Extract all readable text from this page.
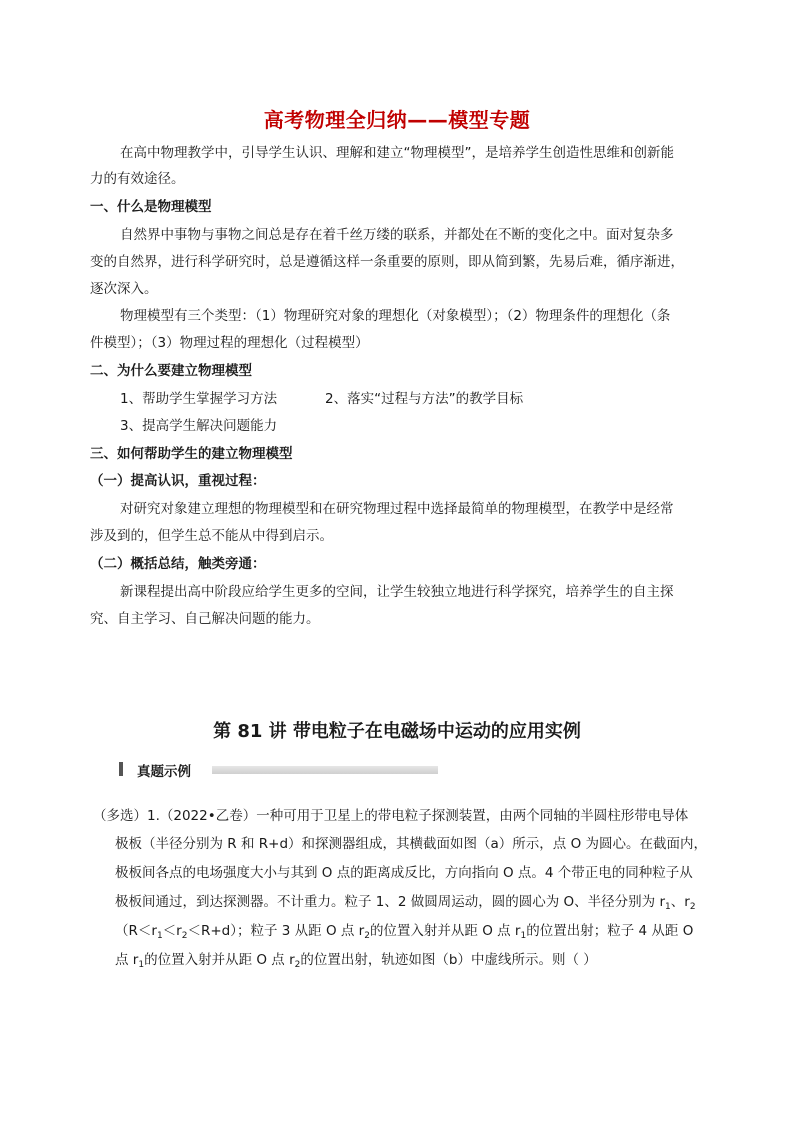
高考物理全归纳——模型专题
在高中物理教学中，引导学生认识、理解和建立“物理模型”，是培养学生创造性思维和创新能
力的有效途径。
一、什么是物理模型
自然界中事物与事物之间总是存在着千丝万缕的联系，并都处在不断的变化之中。面对复杂多
变的自然界，进行科学研究时，总是遵循这样一条重要的原则，即从简到繁，先易后难，循序渐进，
逐次深入。
物理模型有三个类型：（1）物理研究对象的理想化（对象模型）；（2）物理条件的理想化（条
件模型）；（3）物理过程的理想化（过程模型）
二、为什么要建立物理模型
1、帮助学生掌握学习方法	2、落实“过程与方法”的教学目标
3、提高学生解决问题能力
三、如何帮助学生的建立物理模型
（一）提高认识，重视过程：
对研究对象建立理想的物理模型和在研究物理过程中选择最简单的物理模型，在教学中是经常
涉及到的，但学生总不能从中得到启示。
（二）概括总结，触类旁通：
新课程提出高中阶段应给学生更多的空间，让学生较独立地进行科学探究，培养学生的自主探
究、自主学习、自己解决问题的能力。
第 81 讲 带电粒子在电磁场中运动的应用实例
真题示例
（多选）1.（2022•乙卷）一种可用于卫星上的带电粒子探测装置，由两个同轴的半圆柱形带电导体
极板（半径分别为 R 和 R+d）和探测器组成，其横截面如图（a）所示，点 O 为圆心。在截面内，
极板间各点的电场强度大小与其到 O 点的距离成反比，方向指向 O 点。4 个带正电的同种粒子从
极板间通过，到达探测器。不计重力。粒子 1、2 做圆周运动，圆的圆心为 O、半径分别为 $r_1$、$r_2$
$(R<r_1<r_2<R+d)$；粒子 3 从距 O 点 $r_2$的位置入射并从距 O 点 $r_1$的位置出射；粒子 4 从距 O
点 $r_1$的位置入射并从距 O 点 $r_2$的位置出射，轨迹如图（b）中虚线所示。则（ ）
